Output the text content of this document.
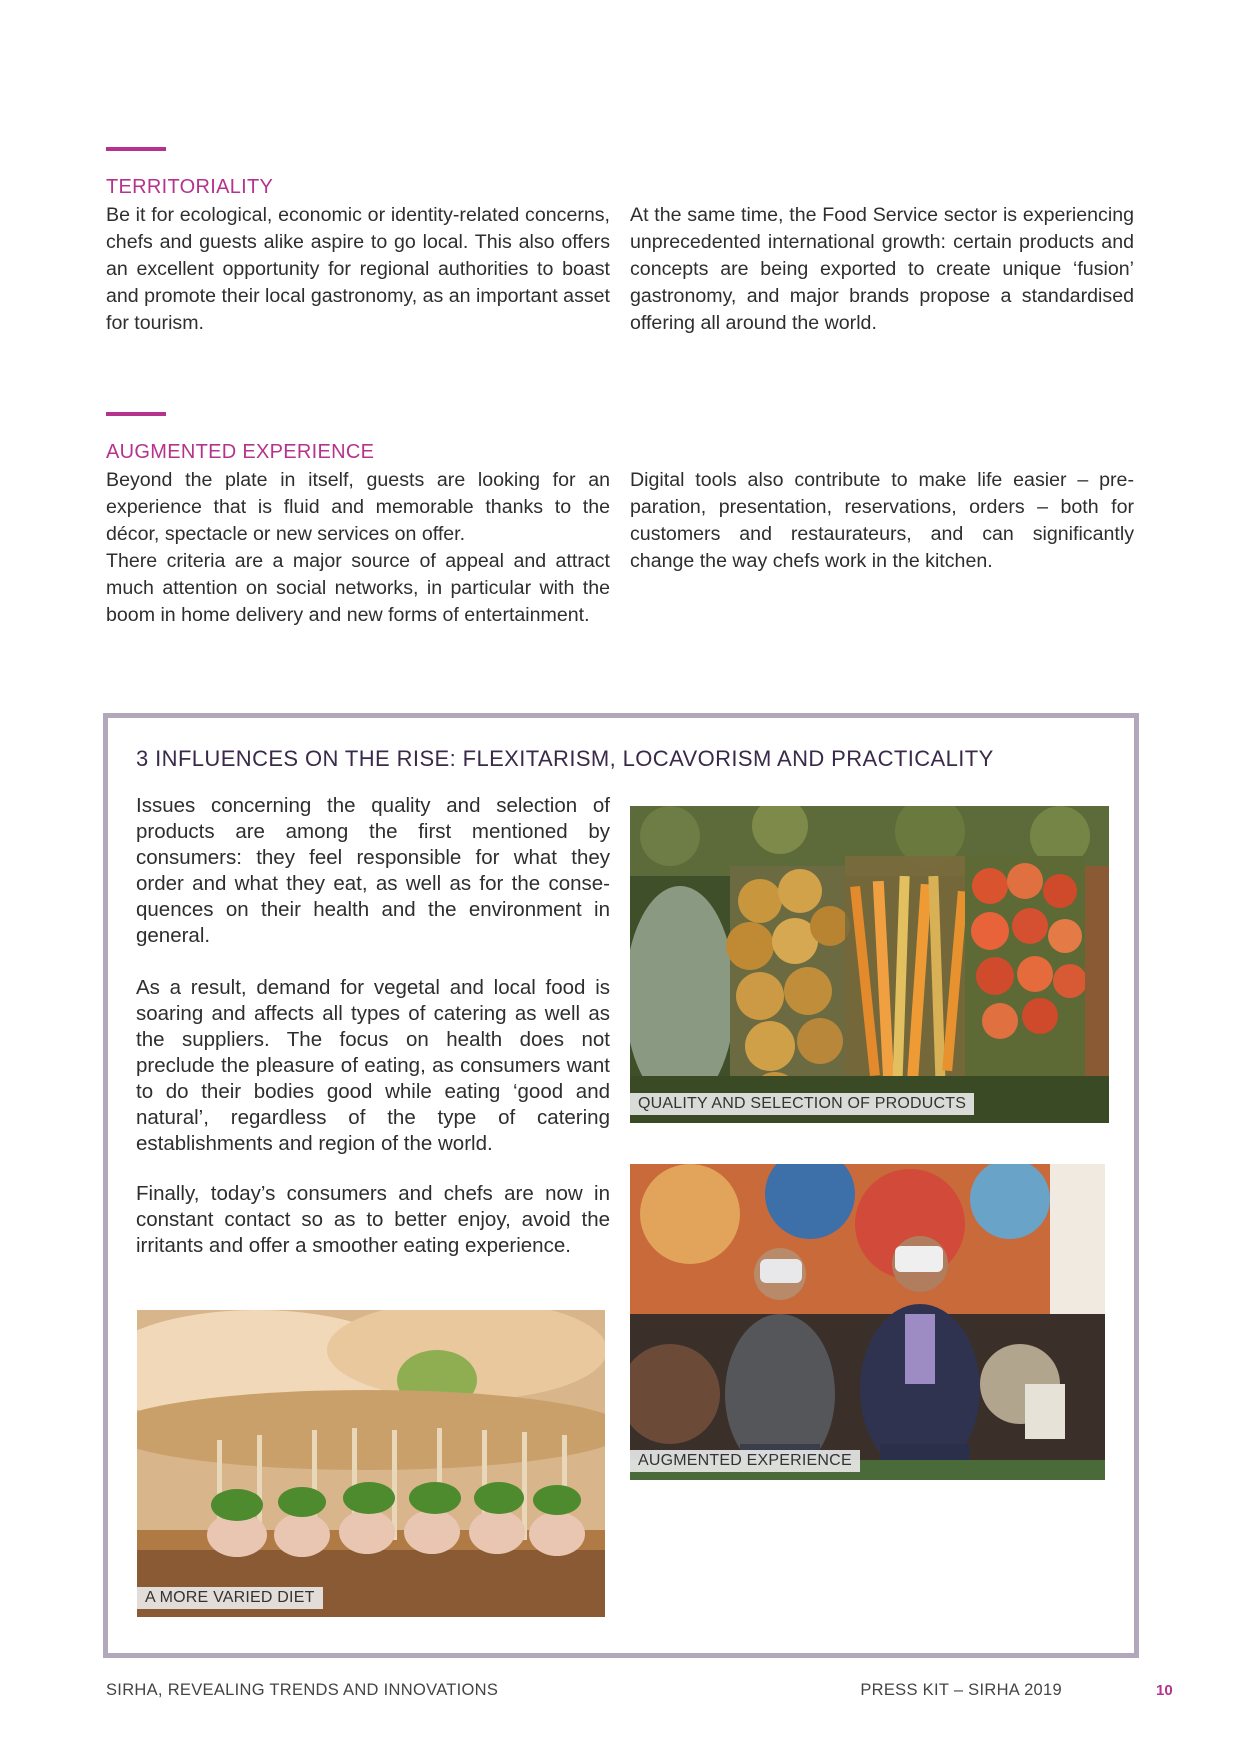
TERRITORIALITY

Be it for ecological, economic or identity-related concerns, chefs and guests alike aspire to go local. This also offers an excellent opportunity for regional authorities to boast and promote their local gastronomy, as an important asset for tourism.

At the same time, the Food Service sector is experiencing unprecedented international growth: certain products and concepts are being exported to create unique ‘fusion’ gastronomy, and major brands propose a standardised offering all around the world.

AUGMENTED EXPERIENCE

Beyond the plate in itself, guests are looking for an experience that is fluid and memorable thanks to the décor, spectacle or new services on offer.

There criteria are a major source of appeal and attract much attention on social networks, in particular with the boom in home delivery and new forms of entertainment.

Digital tools also contribute to make life easier – preparation, presentation, reservations, orders – both for customers and restaurateurs, and can significantly change the way chefs work in the kitchen.

3 INFLUENCES ON THE RISE: FLEXITARISM, LOCAVORISM AND PRACTICALITY

Issues concerning the quality and selection of products are among the first mentioned by consumers: they feel responsible for what they order and what they eat, as well as for the consequences on their health and the environment in general.

As a result, demand for vegetal and local food is soaring and affects all types of catering as well as the suppliers. The focus on health does not preclude the pleasure of eating, as consumers want to do their bodies good while eating ‘good and natural’, regardless of the type of catering establishments and region of the world.

Finally, today’s consumers and chefs are now in constant contact so as to better enjoy, avoid the irritants and offer a smoother eating experience.

QUALITY AND SELECTION OF PRODUCTS
AUGMENTED EXPERIENCE
A MORE VARIED DIET
SIRHA, REVEALING TRENDS AND INNOVATIONS	PRESS KIT – SIRHA 2019	10
